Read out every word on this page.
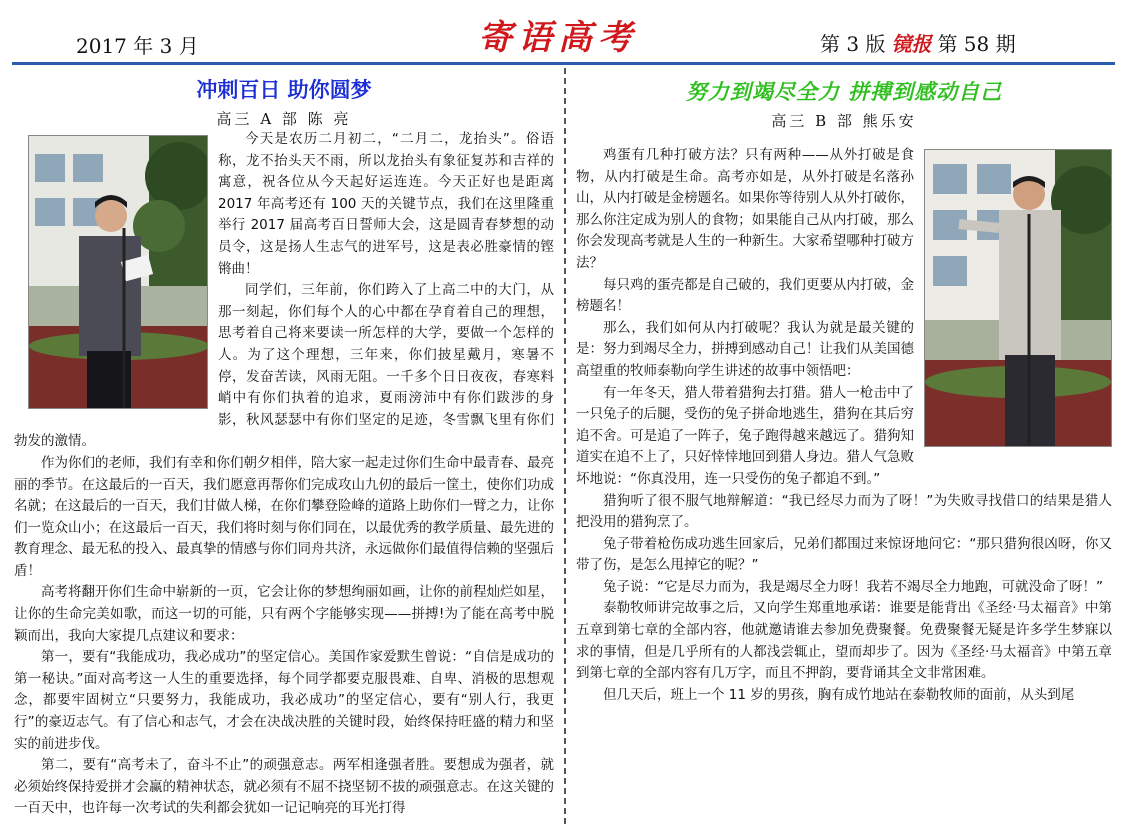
2017 年 3 月	寄语高考	第 3 版 镜报 第 58 期
冲刺百日 助你圆梦
高三 A 部 陈 亮

今天是农历二月初二，“二月二，龙抬头”。俗语称，龙不抬头天不雨，所以龙抬头有象征复苏和吉祥的寓意，祝各位从今天起好运连连。今天正好也是距离 2017 年高考还有 100 天的关键节点，我们在这里隆重举行 2017 届高考百日誓师大会，这是圆青春梦想的动员令，这是扬人生志气的进军号，这是表必胜豪情的铿锵曲！

同学们，三年前，你们跨入了上高二中的大门，从那一刻起，你们每个人的心中都在孕育着自己的理想，思考着自己将来要读一所怎样的大学，要做一个怎样的人。为了这个理想，三年来，你们披星戴月，寒暑不停，发奋苦读，风雨无阻。一千多个日日夜夜，春寒料峭中有你们执着的追求，夏雨滂沛中有你们跋涉的身影，秋风瑟瑟中有你们坚定的足迹，冬雪飘飞里有你们勃发的激情。

作为你们的老师，我们有幸和你们朝夕相伴，陪大家一起走过你们生命中最青春、最亮丽的季节。在这最后的一百天，我们愿意再帮你们完成攻山九仞的最后一筐土，使你们功成名就；在这最后的一百天，我们甘做人梯，在你们攀登险峰的道路上助你们一臂之力，让你们一览众山小；在这最后一百天，我们将时刻与你们同在，以最优秀的教学质量、最先进的教育理念、最无私的投入、最真挚的情感与你们同舟共济，永远做你们最值得信赖的坚强后盾！

高考将翻开你们生命中崭新的一页，它会让你的梦想绚丽如画，让你的前程灿烂如星，让你的生命完美如歌，而这一切的可能，只有两个字能够实现——拼搏!为了能在高考中脱颖而出，我向大家提几点建议和要求：

第一，要有“我能成功，我必成功”的坚定信心。美国作家爱默生曾说：“自信是成功的第一秘诀。”面对高考这一人生的重要选择，每个同学都要克服畏难、自卑、消极的思想观念，都要牢固树立“只要努力，我能成功，我必成功”的坚定信心，要有“别人行，我更行”的豪迈志气。有了信心和志气，才会在决战决胜的关键时段，始终保持旺盛的精力和坚实的前进步伐。

第二，要有“高考未了，奋斗不止”的顽强意志。两军相逢强者胜。要想成为强者，就必须始终保持爱拼才会赢的精神状态，就必须有不屈不挠坚韧不拔的顽强意志。在这关键的一百天中，也许每一次考试的失利都会犹如一记记响亮的耳光打得

努力到竭尽全力 拼搏到感动自己
高三 B 部 熊乐安

鸡蛋有几种打破方法？只有两种——从外打破是食物，从内打破是生命。高考亦如是，从外打破是名落孙山，从内打破是金榜题名。如果你等待别人从外打破你，那么你注定成为别人的食物；如果能自己从内打破，那么你会发现高考就是人生的一种新生。大家希望哪种打破方法？

每只鸡的蛋壳都是自己破的，我们更要从内打破，金榜题名！

那么，我们如何从内打破呢？我认为就是最关键的是：努力到竭尽全力，拼搏到感动自己！让我们从美国德高望重的牧师泰勒向学生讲述的故事中领悟吧：

有一年冬天，猎人带着猎狗去打猎。猎人一枪击中了一只兔子的后腿，受伤的兔子拼命地逃生，猎狗在其后穷追不舍。可是追了一阵子，兔子跑得越来越远了。猎狗知道实在追不上了，只好悻悻地回到猎人身边。猎人气急败坏地说：“你真没用，连一只受伤的兔子都追不到。”

猎狗听了很不服气地辩解道：“我已经尽力而为了呀！”为失败寻找借口的结果是猎人把没用的猎狗烹了。

兔子带着枪伤成功逃生回家后，兄弟们都围过来惊讶地问它：“那只猎狗很凶呀，你又带了伤，是怎么甩掉它的呢？”

兔子说：“它是尽力而为，我是竭尽全力呀！我若不竭尽全力地跑，可就没命了呀！”

泰勒牧师讲完故事之后，又向学生郑重地承诺：谁要是能背出《圣经·马太福音》中第五章到第七章的全部内容，他就邀请谁去参加免费聚餐。免费聚餐无疑是许多学生梦寐以求的事情，但是几乎所有的人都浅尝辄止，望而却步了。因为《圣经·马太福音》中第五章到第七章的全部内容有几万字，而且不押韵，要背诵其全文非常困难。

但几天后，班上一个 11 岁的男孩，胸有成竹地站在泰勒牧师的面前，从头到尾
